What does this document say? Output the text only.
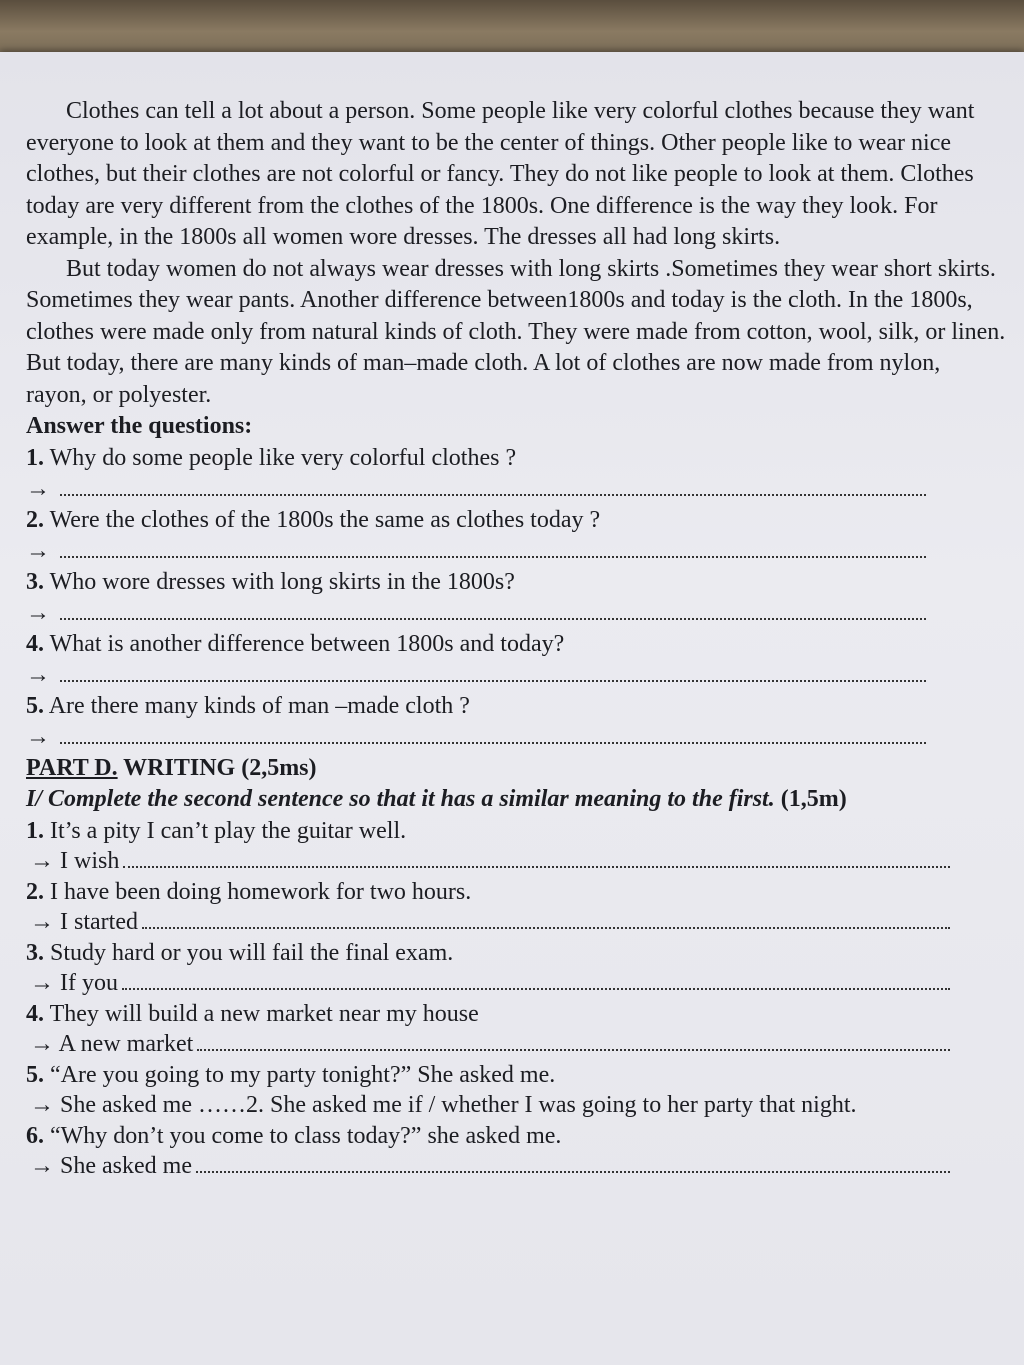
Clothes can tell a lot about a person. Some people like very colorful clothes because they want everyone to look at them and they want to be the center of things. Other people like to wear nice clothes, but their clothes are not colorful or fancy. They do not like people to look at them. Clothes today are very different from the clothes of the 1800s. One difference is the way they look. For example, in the 1800s all women wore dresses. The dresses all had long skirts.

But today women do not always wear dresses with long skirts .Sometimes they wear short skirts. Sometimes they wear pants. Another difference between1800s and today is the cloth. In the 1800s, clothes were made only from natural kinds of cloth. They were made from cotton, wool, silk, or linen. But today, there are many kinds of man–made cloth. A lot of clothes are now made from nylon, rayon, or polyester.

Answer the questions:

1. Why do some people like very colorful clothes ?

→

2. Were the clothes of the 1800s the same as clothes today ?

→

3. Who wore dresses with long skirts in the 1800s?

→

4. What is another difference between 1800s and today?

→

5. Are there many kinds of man –made cloth ?

→

PART D. WRITING (2,5ms)

I/ Complete the second sentence so that it has a similar meaning to the first. (1,5m)

1. It’s a pity I can’t play the guitar well.

→ I wish

2. I have been doing homework for two hours.

→ I started

3. Study hard or you will fail the final exam.

→ If you

4. They will build a new market near my house

→ A new market

5. “Are you going to my party tonight?” She asked me.

→ She asked me ……2. She asked me if / whether I was going to her party that night.

6. “Why don’t you come to class today?” she asked me.

→ She asked me
